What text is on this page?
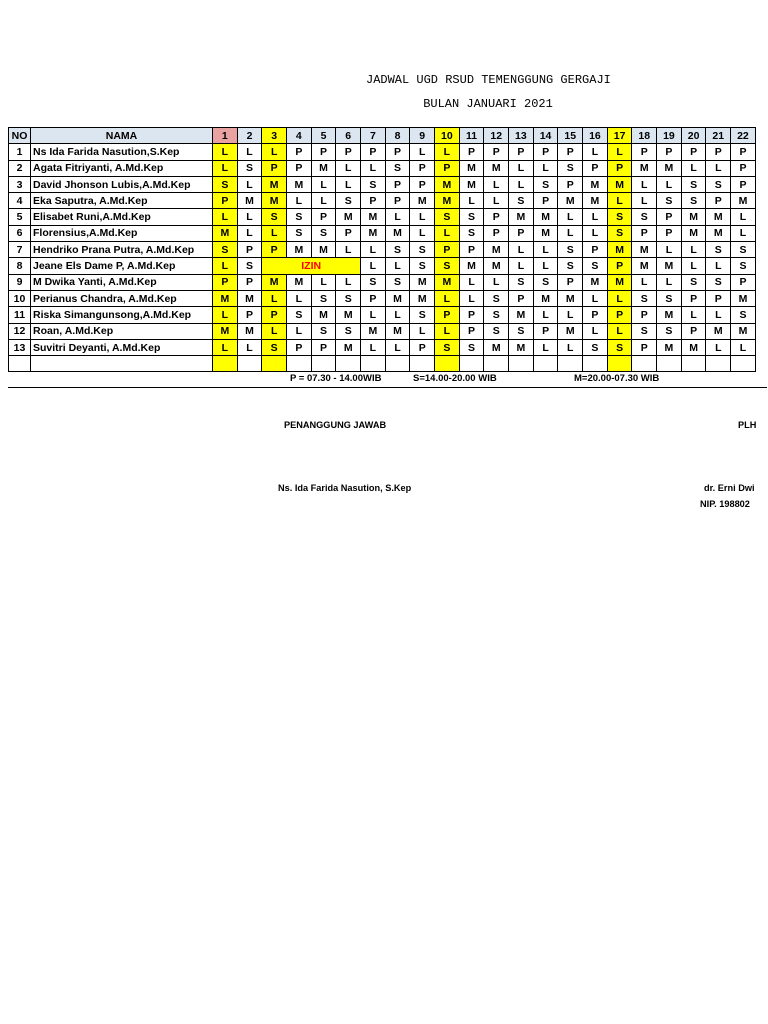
JADWAL UGD RSUD TEMENGGUNG GERGAJI
BULAN JANUARI 2021
NO	NAMA	1	2	3	4	5	6	7	8	9	10	11	12	13	14	15	16	17	18	19	20	21	22
1	Ns Ida Farida Nasution,S.Kep	L	L	L	P	P	P	P	P	L	L	P	P	P	P	P	L	L	P	P	P	P	P
2	Agata Fitriyanti, A.Md.Kep	L	S	P	P	M	L	L	S	P	P	M	M	L	L	S	P	P	M	M	L	L	P
3	David Jhonson Lubis,A.Md.Kep	S	L	M	M	L	L	S	P	P	M	M	L	L	S	P	M	M	L	L	S	S	P
4	Eka Saputra, A.Md.Kep	P	M	M	L	L	S	P	P	M	M	L	L	S	P	M	M	L	L	S	S	P	M
5	Elisabet Runi,A.Md.Kep	L	L	S	S	P	M	M	L	L	S	S	P	M	M	L	L	S	S	P	M	M	L
6	Florensius,A.Md.Kep	M	L	L	S	S	P	M	M	L	L	S	P	P	M	L	L	S	P	P	M	M	L
7	Hendriko Prana Putra, A.Md.Kep	S	P	P	M	M	L	L	S	S	P	P	M	L	L	S	P	M	M	L	L	S	S
8	Jeane Els Dame P, A.Md.Kep	L	S	IZIN				L	L	S	S	M	M	L	L	S	S	P	M	M	L	L	S
9	M Dwika Yanti, A.Md.Kep	P	P	M	M	L	L	S	S	M	M	L	L	S	S	P	M	M	L	L	S	S	P
10	Perianus Chandra, A.Md.Kep	M	M	L	L	S	S	P	M	M	L	L	S	P	M	M	L	L	S	S	P	P	M
11	Riska Simangunsong,A.Md.Kep	L	P	P	S	M	M	L	L	S	P	P	S	M	L	L	P	P	P	M	L	L	S
12	Roan, A.Md.Kep	M	M	L	L	S	S	M	M	L	L	P	S	S	P	M	L	L	S	S	P	M	M
13	Suvitri Deyanti, A.Md.Kep	L	L	S	P	P	M	L	L	P	S	S	M	M	L	L	S	S	P	M	M	L	L

P = 07.30 - 14.00WIB	S=14.00-20.00 WIB	M=20.00-07.30 WIB
PENANGGUNG JAWAB	PLH
Ns. Ida Farida Nasution, S.Kep	dr. Erni Dwi
NIP. 198802
